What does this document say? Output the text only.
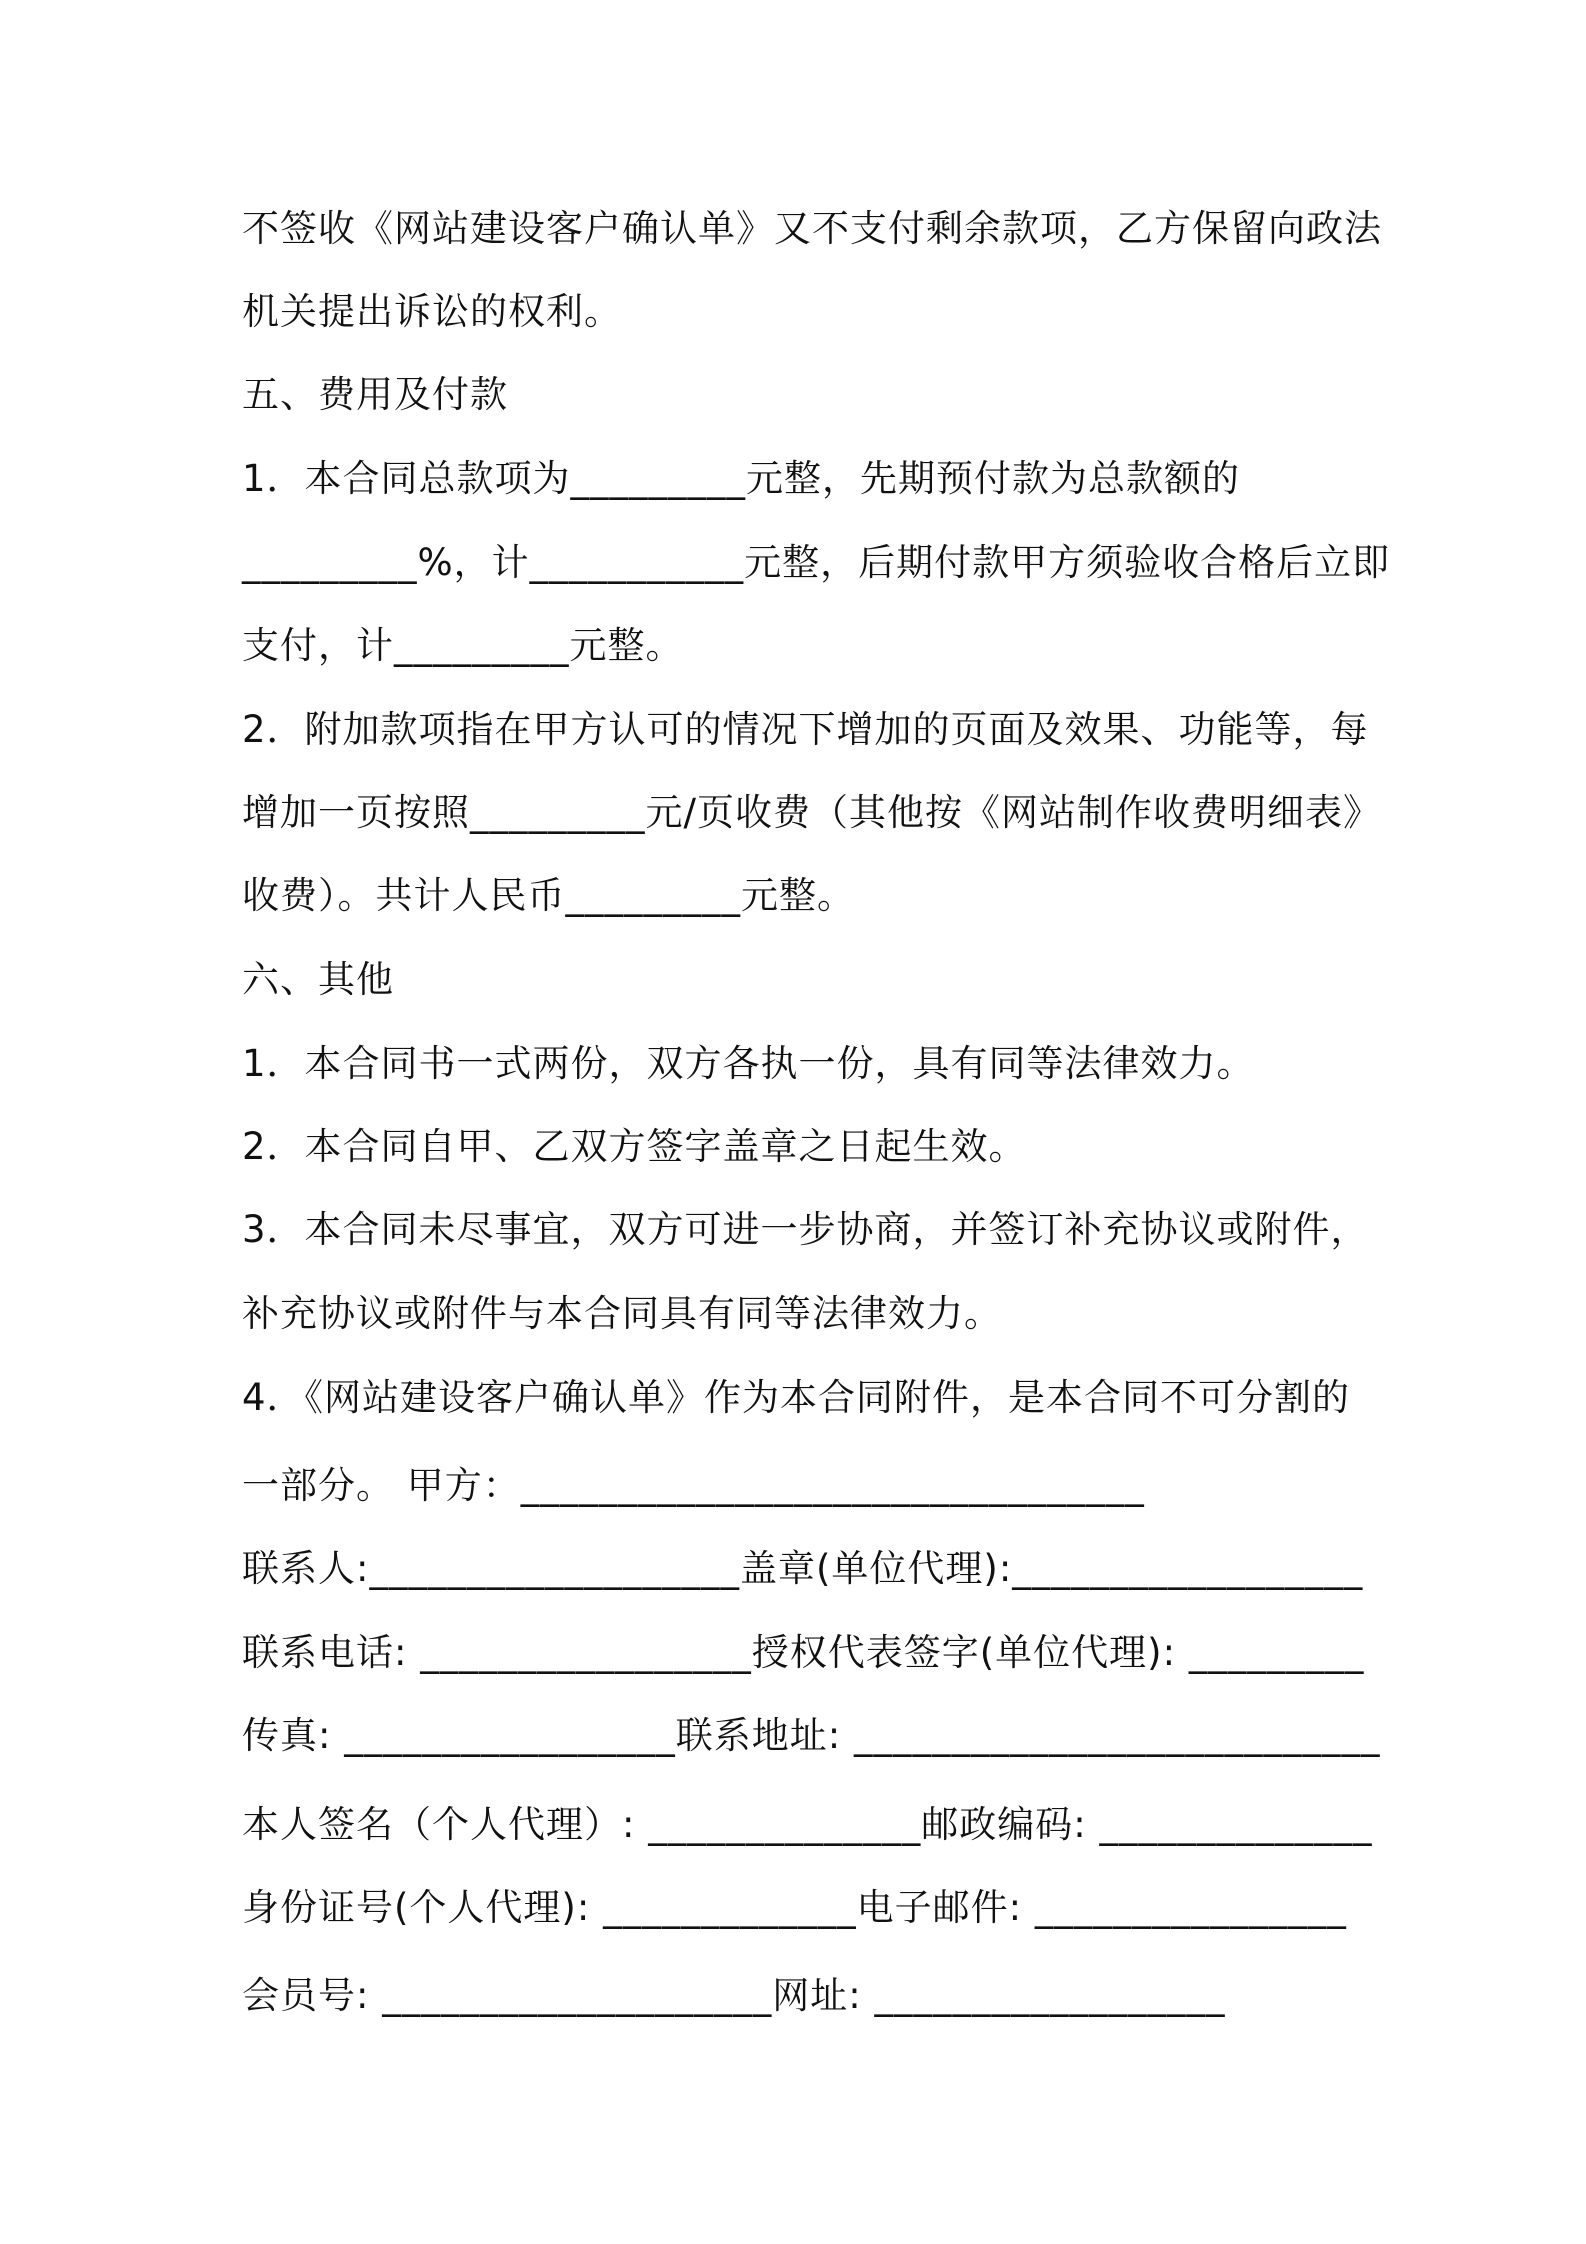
不签收《网站建设客户确认单》又不支付剩余款项，乙方保留向政法
机关提出诉讼的权利。
五、费用及付款
1．本合同总款项为_________元整，先期预付款为总款额的
_________%，计___________元整，后期付款甲方须验收合格后立即
支付，计_________元整。
2．附加款项指在甲方认可的情况下增加的页面及效果、功能等，每
增加一页按照_________元/页收费（其他按《网站制作收费明细表》
收费）。共计人民币_________元整。
六、其他
1．本合同书一式两份，双方各执一份，具有同等法律效力。
2．本合同自甲、乙双方签字盖章之日起生效。
3．本合同未尽事宜，双方可进一步协商，并签订补充协议或附件，
补充协议或附件与本合同具有同等法律效力。
4．《网站建设客户确认单》作为本合同附件，是本合同不可分割的
一部分。 甲方：________________________________
联系人:___________________盖章(单位代理):__________________
联系电话: _________________授权代表签字(单位代理): _________
传真: _________________联系地址: ___________________________
本人签名（个人代理）: ______________邮政编码: ______________
身份证号(个人代理): _____________电子邮件: ________________
会员号: ____________________网址: __________________
